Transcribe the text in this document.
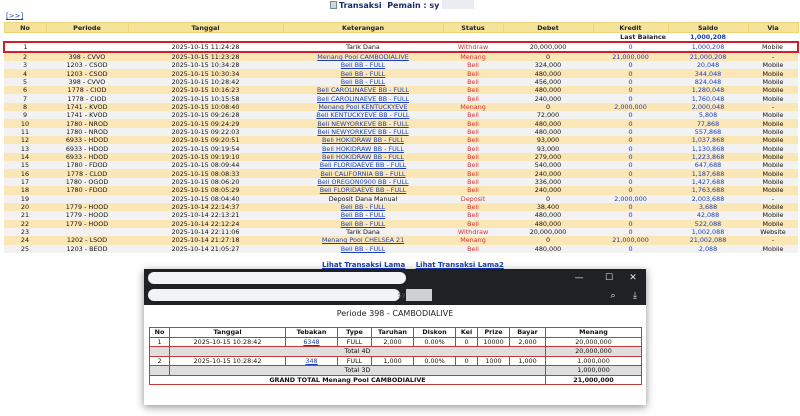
Transaksi Pemain : sy
[>>]
No	Periode	Tanggal	Keterangan	Status	Debet	Kredit	Saldo	Via
Last Balance							1,000,208	
1		2025-10-15 11:24:28	Tarik Dana	Withdraw	20,000,000	0	1,000,208	Mobile
2	398 - CVVO	2025-10-15 11:23:28	Menang Pool CAMBODIALIVE	Menang	0	21,000,000	21,000,208	-
3	1203 - CSOD	2025-10-15 10:34:28	Beli BB - FULL	Beli	324,000	0	20,048	Mobile
4	1203 - CSOD	2025-10-15 10:30:34	Beli BB - FULL	Beli	480,000	0	344,048	Mobile
5	398 - CVVO	2025-10-15 10:28:42	Beli BB - FULL	Beli	456,000	0	824,048	Mobile
6	1778 - CIOD	2025-10-15 10:16:23	Beli CAROLINAEVE BB - FULL	Beli	480,000	0	1,280,048	Mobile
7	1778 - CIOD	2025-10-15 10:15:58	Beli CAROLINAEVE BB - FULL	Beli	240,000	0	1,760,048	Mobile
8	1741 - KVOD	2025-10-15 10:08:40	Menang Pool KENTUCKYEVE	Menang	0	2,000,000	2,000,048	-
9	1741 - KVOD	2025-10-15 09:26:28	Beli KENTUCKYEVE BB - FULL	Beli	72,000	0	5,808	Mobile
10	1780 - NROD	2025-10-15 09:24:29	Beli NEWYORKEVE BB - FULL	Beli	480,000	0	77,868	Mobile
11	1780 - NROD	2025-10-15 09:22:03	Beli NEWYORKEVE BB - FULL	Beli	480,000	0	557,868	Mobile
12	6933 - HDOD	2025-10-15 09:20:51	Beli HOKIDRAW BB - FULL	Beli	93,000	0	1,037,868	Mobile
13	6933 - HDOD	2025-10-15 09:19:54	Beli HOKIDRAW BB - FULL	Beli	93,000	0	1,130,868	Mobile
14	6933 - HDOD	2025-10-15 09:19:10	Beli HOKIDRAW BB - FULL	Beli	279,000	0	1,223,868	Mobile
15	1780 - FDOD	2025-10-15 08:09:44	Beli FLORIDAEVE BB - FULL	Beli	540,000	0	647,688	Mobile
16	1778 - CLOD	2025-10-15 08:08:33	Beli CALIFORNIA BB - FULL	Beli	240,000	0	1,187,688	Mobile
17	1780 - OGOD	2025-10-15 08:06:20	Beli OREGON0900 BB - FULL	Beli	336,000	0	1,427,688	Mobile
18	1780 - FDOD	2025-10-15 08:05:29	Beli FLORIDAEVE BB - FULL	Beli	240,000	0	1,763,688	Mobile
19		2025-10-15 08:04:40	Deposit Dana Manual	Deposit	0	2,000,000	2,003,688	-
20	1779 - HOOD	2025-10-14 22:14:37	Beli BB - FULL	Beli	38,400	0	3,688	Mobile
21	1779 - HOOD	2025-10-14 22:13:21	Beli BB - FULL	Beli	480,000	0	42,088	Mobile
22	1779 - HOOD	2025-10-14 22:12:24	Beli BB - FULL	Beli	480,000	0	522,088	Mobile
23		2025-10-14 22:11:06	Tarik Dana	Withdraw	20,000,000	0	1,002,088	Website
24	1202 - LSOD	2025-10-14 21:27:18	Menang Pool CHELSEA 21	Menang	0	21,000,000	21,002,088	-
25	1203 - BEOD	2025-10-14 21:05:27	Beli BB - FULL	Beli	480,000	0	2,088	Mobile
Lihat Transaksi Lama Lihat Transaksi Lama2
sy
—	☐	✕
⌕	⤓
Periode 398 - CAMBODIALIVE
No	Tanggal	Tebakan	Type	Taruhan	Diskon	Kei	Prize	Bayar	Menang
1	2025-10-15 10:28:42	6348	FULL	2,000	0.00%	0	10000	2,000	20,000,000
	Total 4D								20,000,000
2	2025-10-15 10:28:42	348	FULL	1,000	0.00%	0	1000	1,000	1,000,000
	Total 3D								1,000,000
GRAND TOTAL Menang Pool CAMBODIALIVE									21,000,000
